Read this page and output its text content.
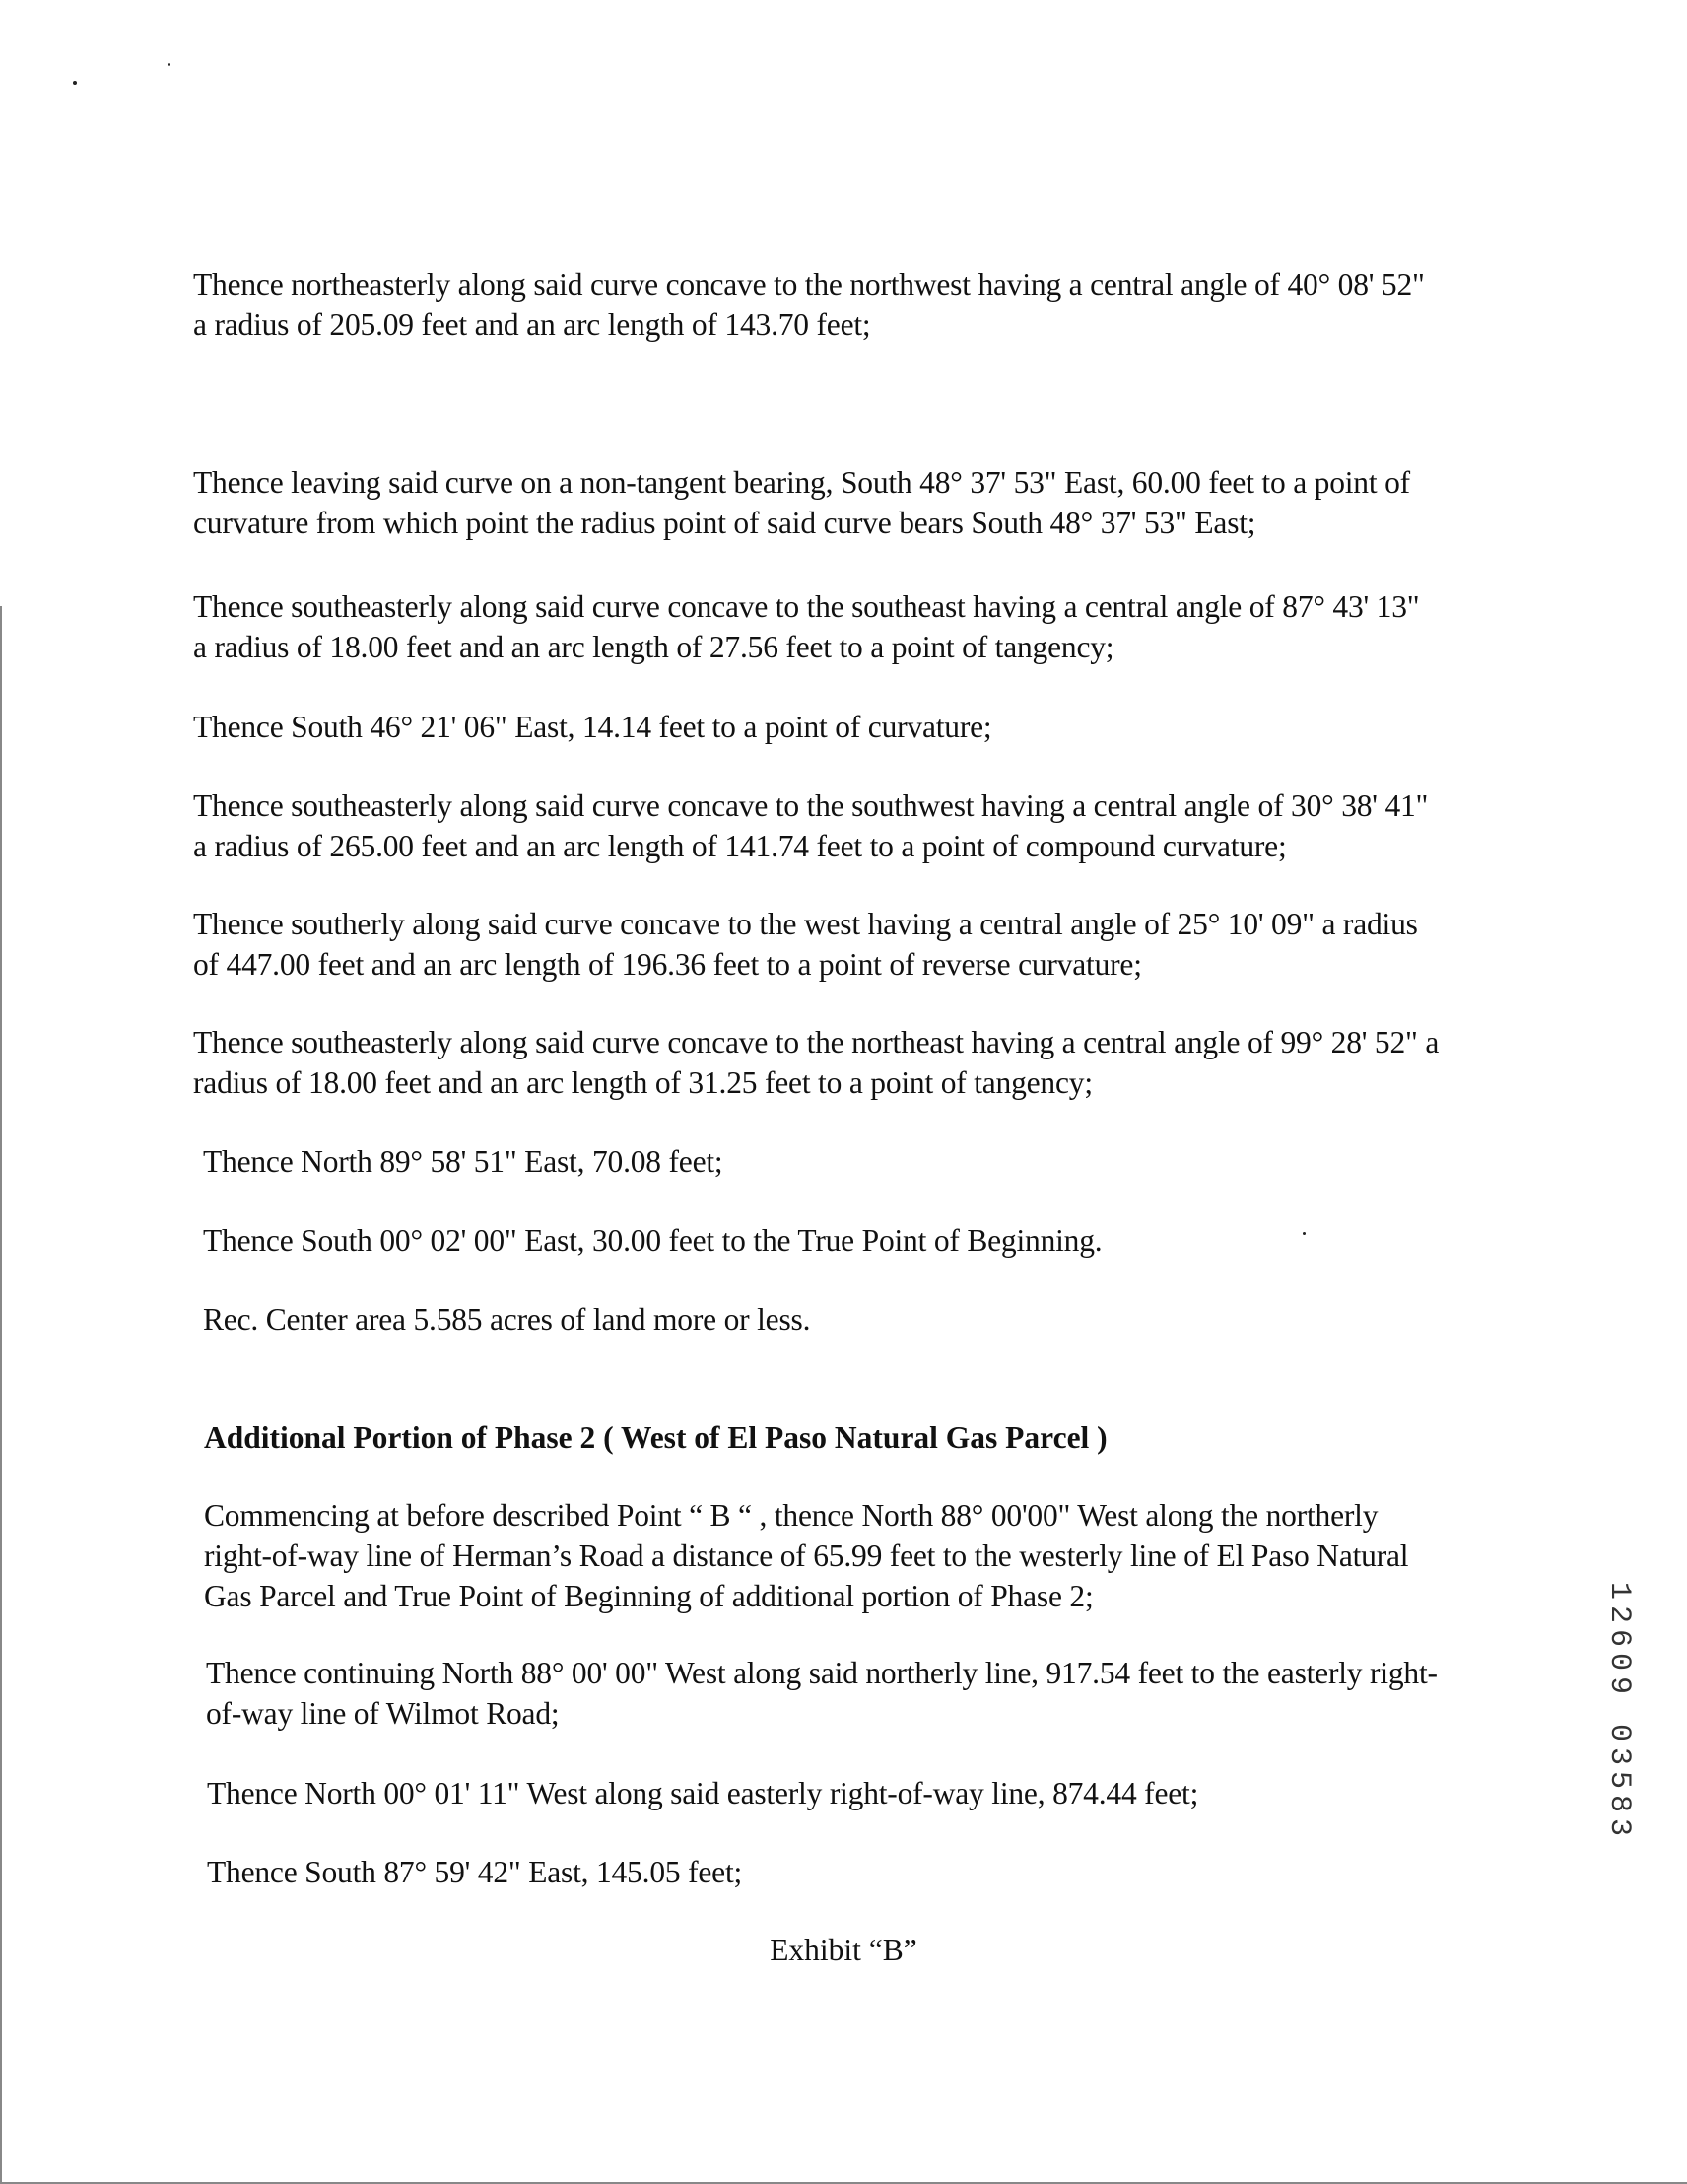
Thence northeasterly along said curve concave to the northwest having a central angle of 40° 08' 52"
a radius of 205.09 feet and an arc length of 143.70 feet;
Thence leaving said curve on a non-tangent bearing, South 48° 37' 53" East, 60.00 feet to a point of
curvature from which point the radius point of said curve bears South 48° 37' 53" East;
Thence southeasterly along said curve concave to the southeast having a central angle of 87° 43' 13"
a radius of 18.00 feet and an arc length of 27.56 feet to a point of tangency;
Thence South 46° 21' 06" East, 14.14 feet to a point of curvature;
Thence southeasterly along said curve concave to the southwest having a central angle of 30° 38' 41"
a radius of 265.00 feet and an arc length of 141.74 feet to a point of compound curvature;
Thence southerly along said curve concave to the west having a central angle of 25° 10' 09" a radius
of 447.00 feet and an arc length of 196.36 feet to a point of reverse curvature;
Thence southeasterly along said curve concave to the northeast having a central angle of 99° 28' 52" a
radius of 18.00 feet and an arc length of 31.25 feet to a point of tangency;
Thence North 89° 58' 51" East, 70.08 feet;
Thence South 00° 02' 00" East, 30.00 feet to the True Point of Beginning.
Rec. Center area 5.585 acres of land more or less.
Additional Portion of Phase 2 ( West of El Paso Natural Gas Parcel )
Commencing at before described Point “ B “ , thence North 88° 00'00" West along the northerly
right-of-way line of Herman’s Road a distance of 65.99 feet to the westerly line of El Paso Natural
Gas Parcel and True Point of Beginning of additional portion of Phase 2;
Thence continuing North 88° 00' 00" West along said northerly line, 917.54 feet to the easterly right-
of-way line of Wilmot Road;
Thence North 00° 01' 11" West along said easterly right-of-way line, 874.44 feet;
Thence South 87° 59' 42" East, 145.05 feet;
Exhibit “B”
12609 03583
